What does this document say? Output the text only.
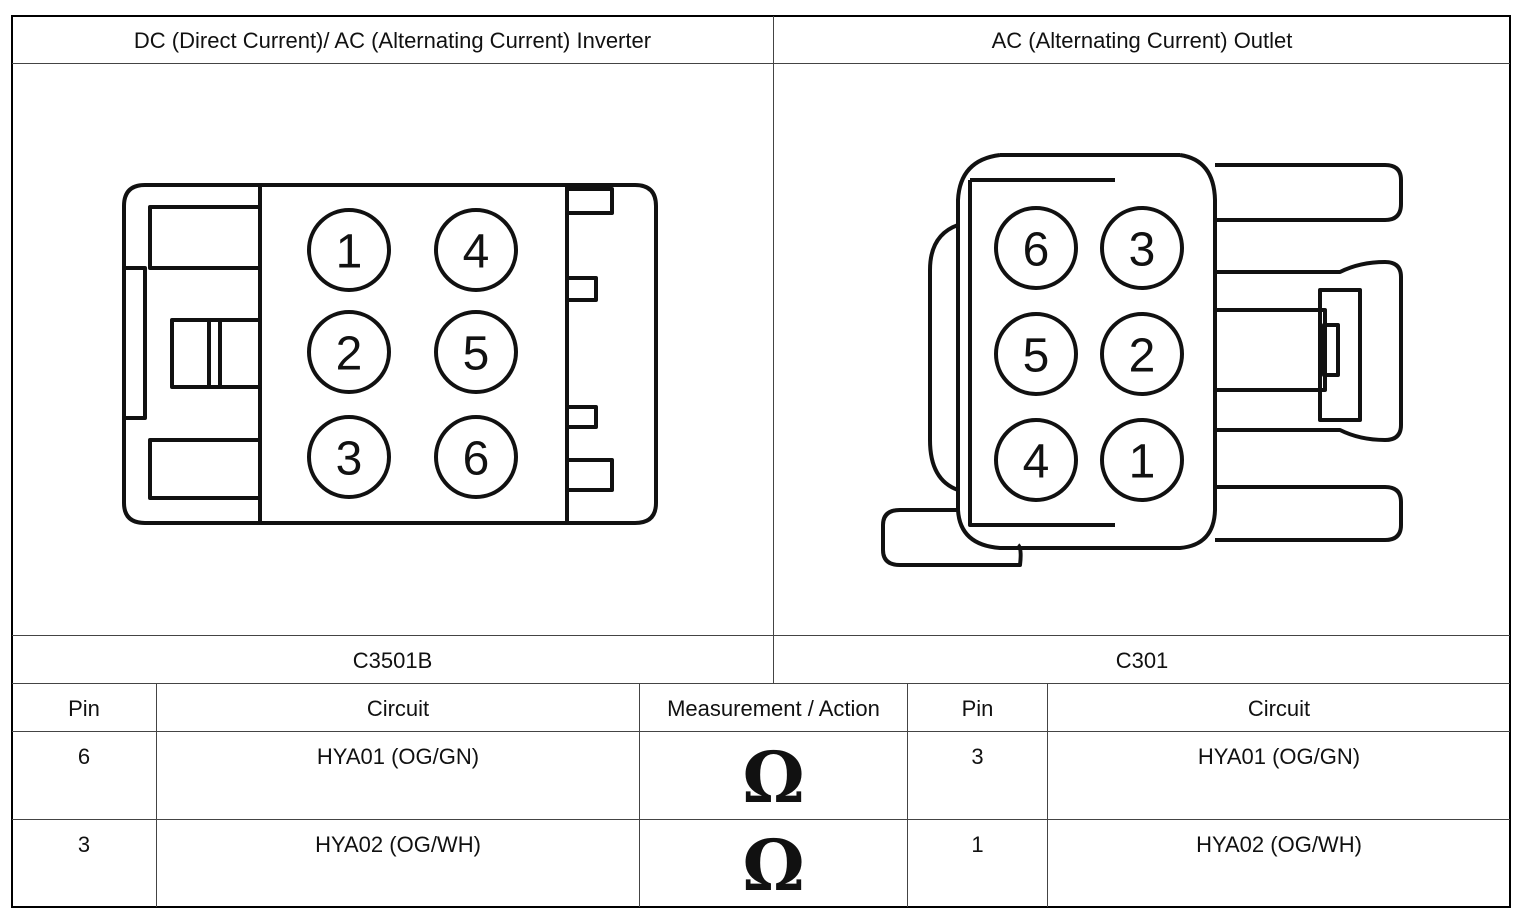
DC (Direct Current)/ AC (Alternating Current) Inverter	AC (Alternating Current) Outlet
1 4
2 5
3 6
6 3
5 2
4 1
C3501B	C301
Pin	Circuit	Measurement / Action	Pin	Circuit
6	HYA01 (OG/GN)	Ω	3	HYA01 (OG/GN)
3	HYA02 (OG/WH)	Ω	1	HYA02 (OG/WH)
